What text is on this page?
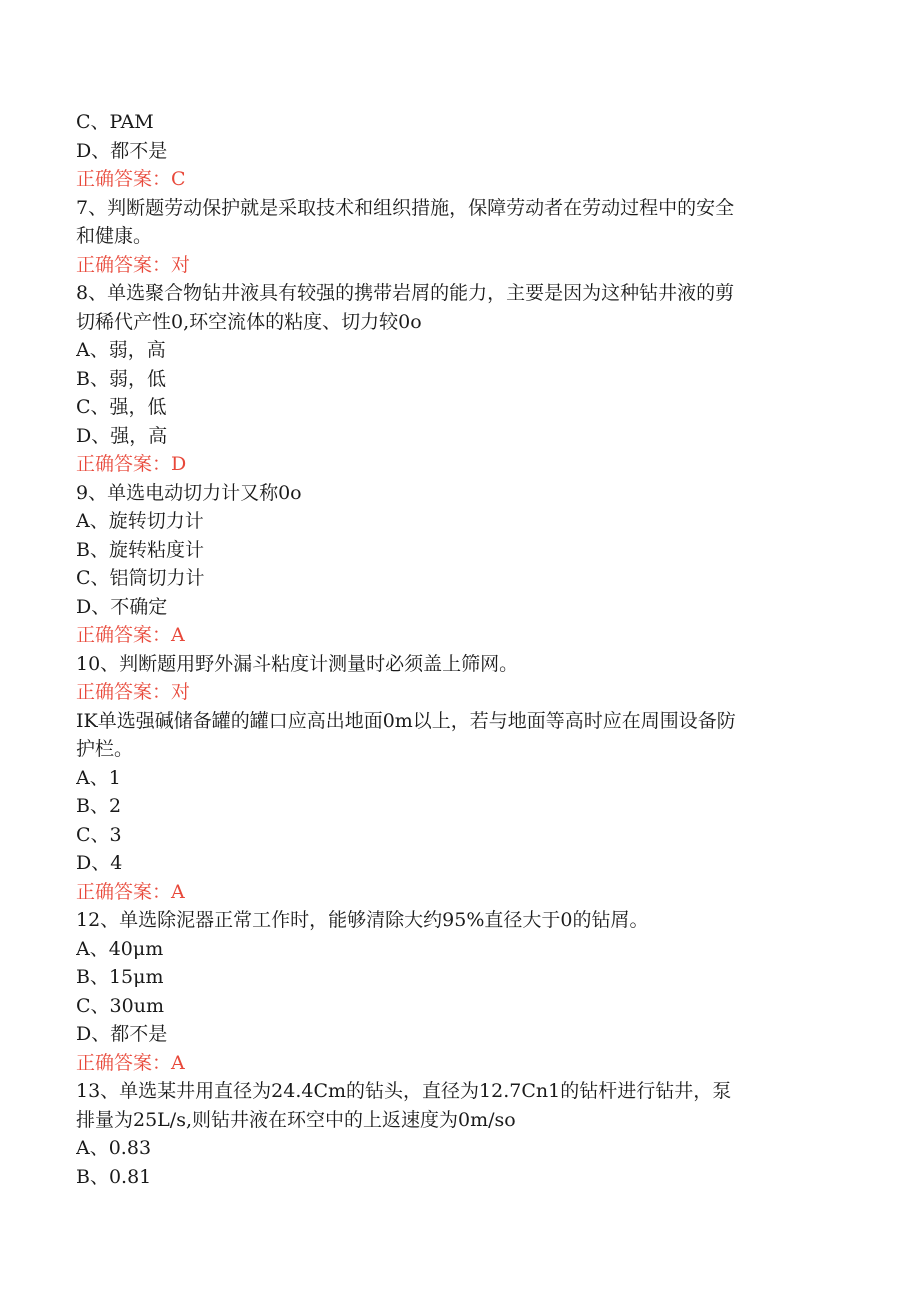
C、PAM
D、都不是
正确答案：C
7、判断题劳动保护就是采取技术和组织措施，保障劳动者在劳动过程中的安全
和健康。
正确答案：对
8、单选聚合物钻井液具有较强的携带岩屑的能力，主要是因为这种钻井液的剪
切稀代产性0,环空流体的粘度、切力较0o
A、弱，高
B、弱，低
C、强，低
D、强，高
正确答案：D
9、单选电动切力计又称0o
A、旋转切力计
B、旋转粘度计
C、铝筒切力计
D、不确定
正确答案：A
10、判断题用野外漏斗粘度计测量时必须盖上筛网。
正确答案：对
IK单选强碱储备罐的罐口应高出地面0m以上，若与地面等高时应在周围设备防
护栏。
A、1
B、2
C、3
D、4
正确答案：A
12、单选除泥器正常工作时，能够清除大约95%直径大于0的钻屑。
A、40μm
B、15μm
C、30um
D、都不是
正确答案：A
13、单选某井用直径为24.4Cm的钻头，直径为12.7Cn1的钻杆进行钻井，泵
排量为25L/s,则钻井液在环空中的上返速度为0m/so
A、0.83
B、0.81
